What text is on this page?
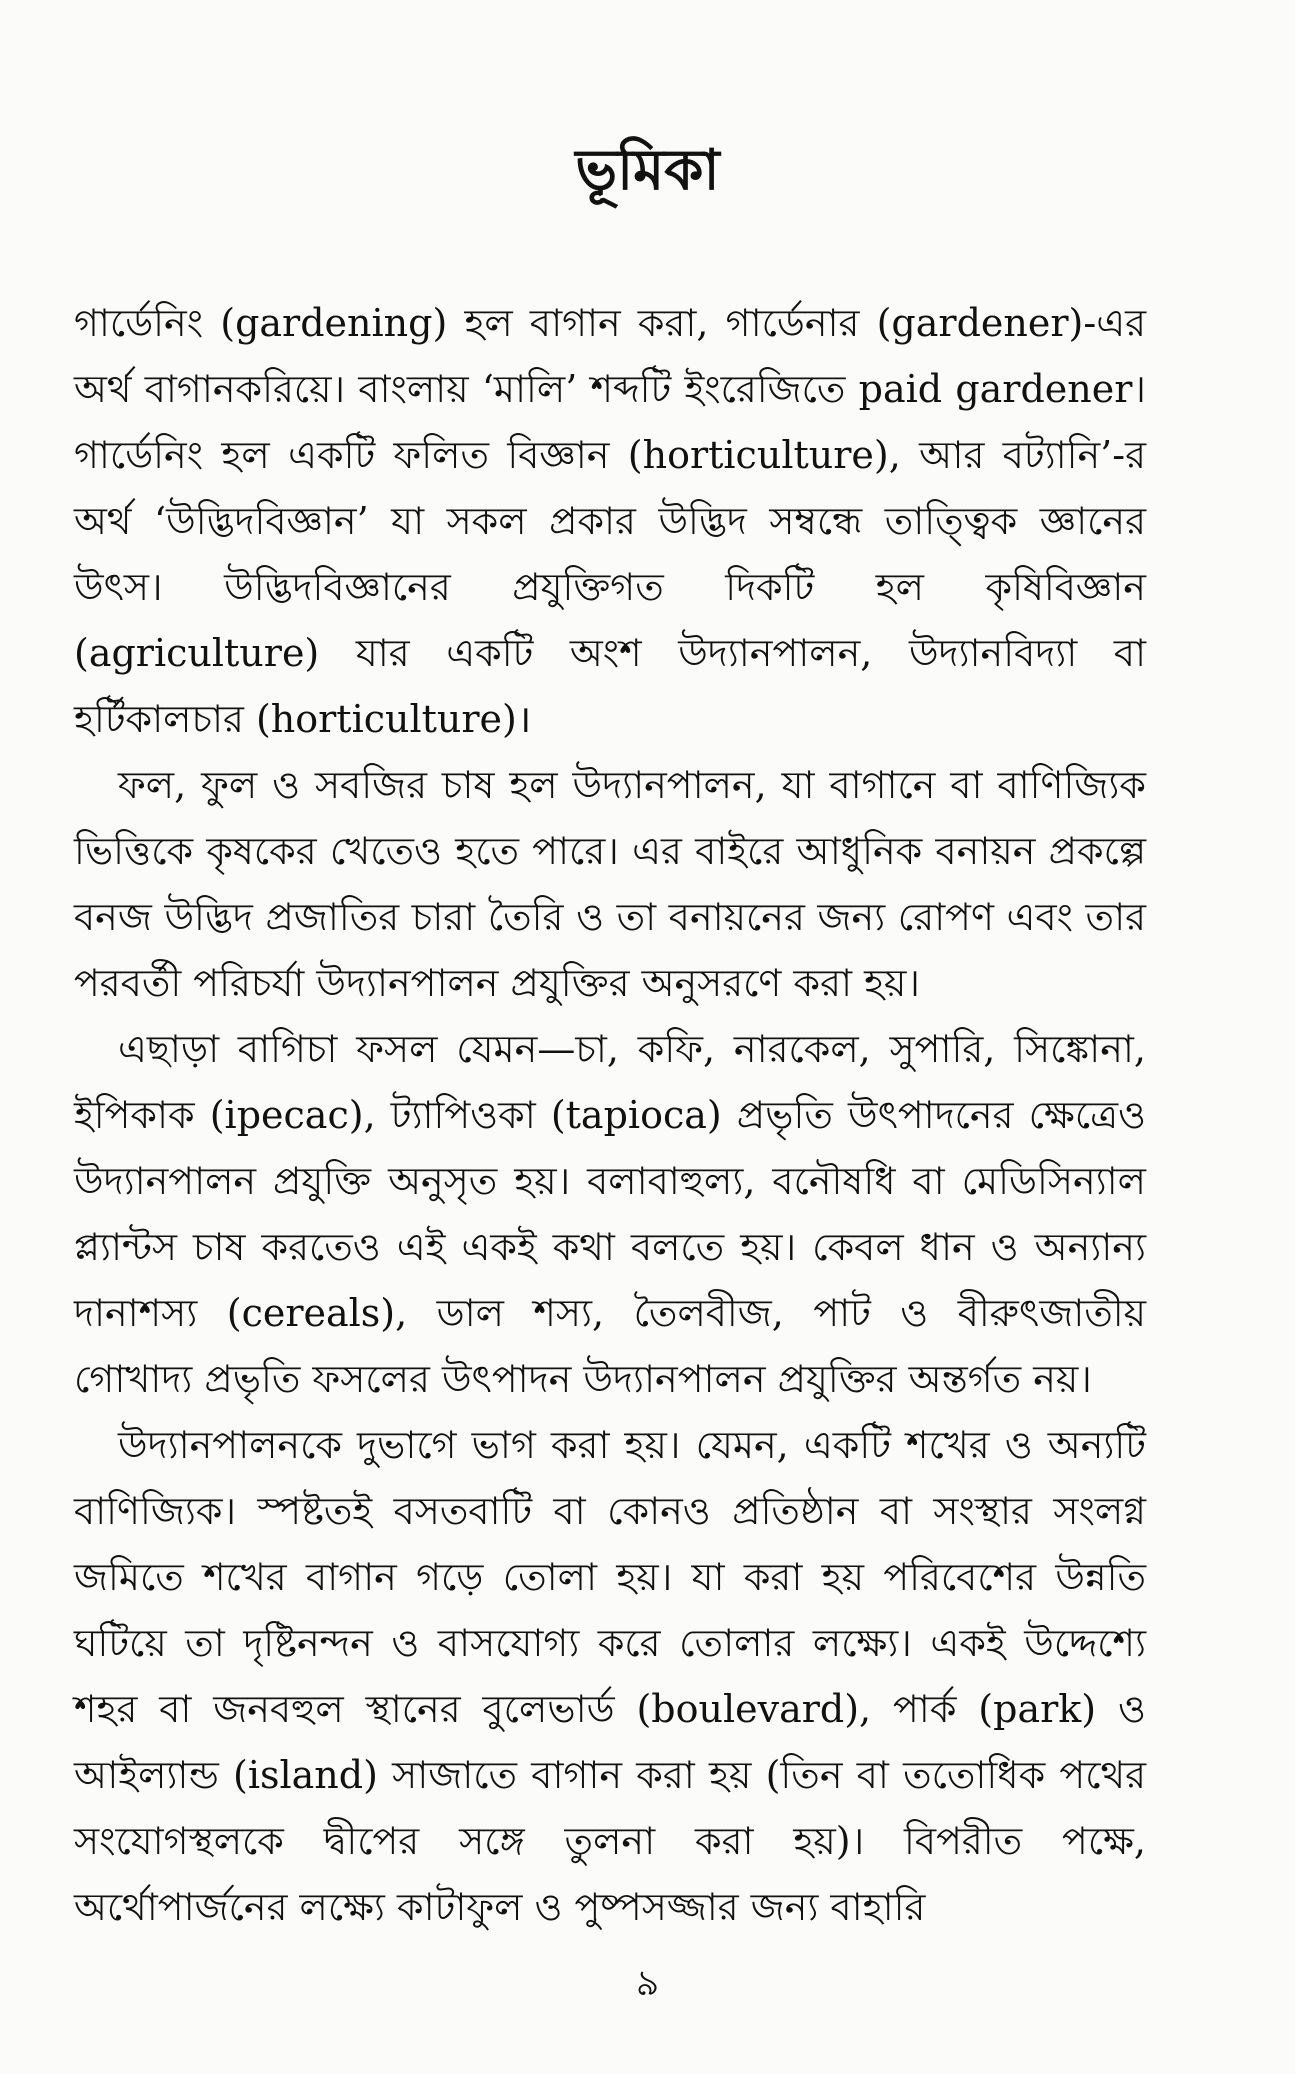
ভূমিকা

গার্ডেনিং (gardening) হল বাগান করা, গার্ডেনার (gardener)-এর অর্থ বাগানকরিয়ে। বাংলায় ‘মালি’ শব্দটি ইংরেজিতে paid gardener। গার্ডেনিং হল একটি ফলিত বিজ্ঞান (horticulture), আর বট্যানি’-র অর্থ ‘উদ্ভিদবিজ্ঞান’ যা সকল প্রকার উদ্ভিদ সম্বন্ধে তাত্ত্বিক জ্ঞানের উৎস। উদ্ভিদবিজ্ঞানের প্রযুক্তিগত দিকটি হল কৃষিবিজ্ঞান (agriculture) যার একটি অংশ উদ্যানপালন, উদ্যানবিদ্যা বা হর্টিকালচার (horticulture)।

ফল, ফুল ও সবজির চাষ হল উদ্যানপালন, যা বাগানে বা বাণিজ্যিক ভিত্তিকে কৃষকের খেতেও হতে পারে। এর বাইরে আধুনিক বনায়ন প্রকল্পে বনজ উদ্ভিদ প্রজাতির চারা তৈরি ও তা বনায়নের জন্য রোপণ এবং তার পরবর্তী পরিচর্যা উদ্যানপালন প্রযুক্তির অনুসরণে করা হয়।

এছাড়া বাগিচা ফসল যেমন—চা, কফি, নারকেল, সুপারি, সিঙ্কোনা, ইপিকাক (ipecac), ট্যাপিওকা (tapioca) প্রভৃতি উৎপাদনের ক্ষেত্রেও উদ্যানপালন প্রযুক্তি অনুসৃত হয়। বলাবাহুল্য, বনৌষধি বা মেডিসিন্যাল প্ল্যান্টস চাষ করতেও এই একই কথা বলতে হয়। কেবল ধান ও অন্যান্য দানাশস্য (cereals), ডাল শস্য, তৈলবীজ, পাট ও বীরুৎজাতীয় গোখাদ্য প্রভৃতি ফসলের উৎপাদন উদ্যানপালন প্রযুক্তির অন্তর্গত নয়।

উদ্যানপালনকে দুভাগে ভাগ করা হয়। যেমন, একটি শখের ও অন্যটি বাণিজ্যিক। স্পষ্টতই বসতবাটি বা কোনও প্রতিষ্ঠান বা সংস্থার সংলগ্ন জমিতে শখের বাগান গড়ে তোলা হয়। যা করা হয় পরিবেশের উন্নতি ঘটিয়ে তা দৃষ্টিনন্দন ও বাসযোগ্য করে তোলার লক্ষ্যে। একই উদ্দেশ্যে শহর বা জনবহুল স্থানের বুলেভার্ড (boulevard), পার্ক (park) ও আইল্যান্ড (island) সাজাতে বাগান করা হয় (তিন বা ততোধিক পথের সংযোগস্থলকে দ্বীপের সঙ্গে তুলনা করা হয়)। বিপরীত পক্ষে, অর্থোপার্জনের লক্ষ্যে কাটাফুল ও পুষ্পসজ্জার জন্য বাহারি

৯
